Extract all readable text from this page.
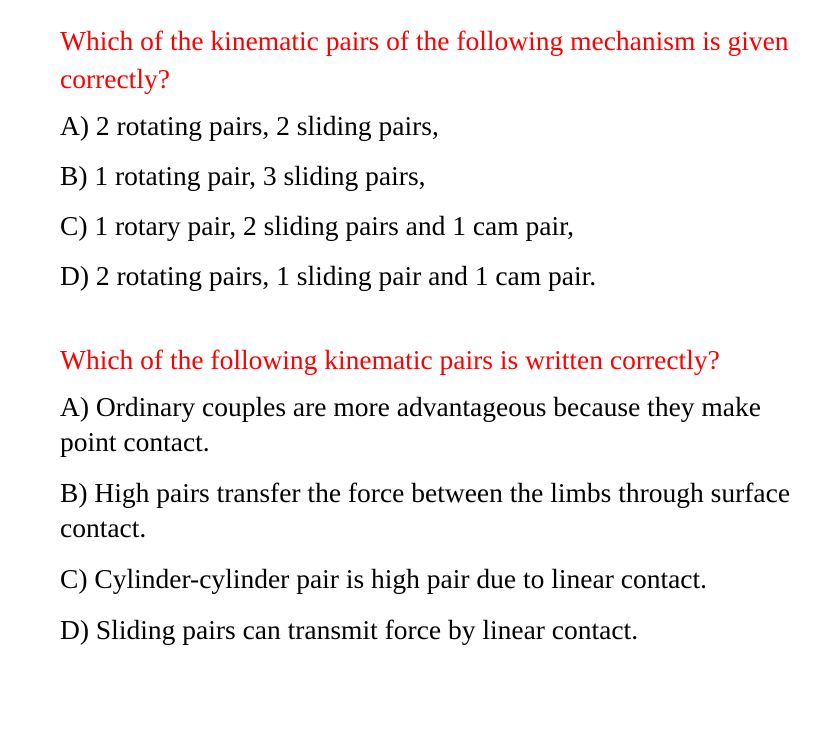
Which of the kinematic pairs of the following mechanism is given correctly?

A) 2 rotating pairs, 2 sliding pairs,
B) 1 rotating pair, 3 sliding pairs,
C) 1 rotary pair, 2 sliding pairs and 1 cam pair,
D) 2 rotating pairs, 1 sliding pair and 1 cam pair.

Which of the following kinematic pairs is written correctly?

A) Ordinary couples are more advantageous because they make point contact.
B) High pairs transfer the force between the limbs through surface contact.
C) Cylinder-cylinder pair is high pair due to linear contact.
D) Sliding pairs can transmit force by linear contact.
